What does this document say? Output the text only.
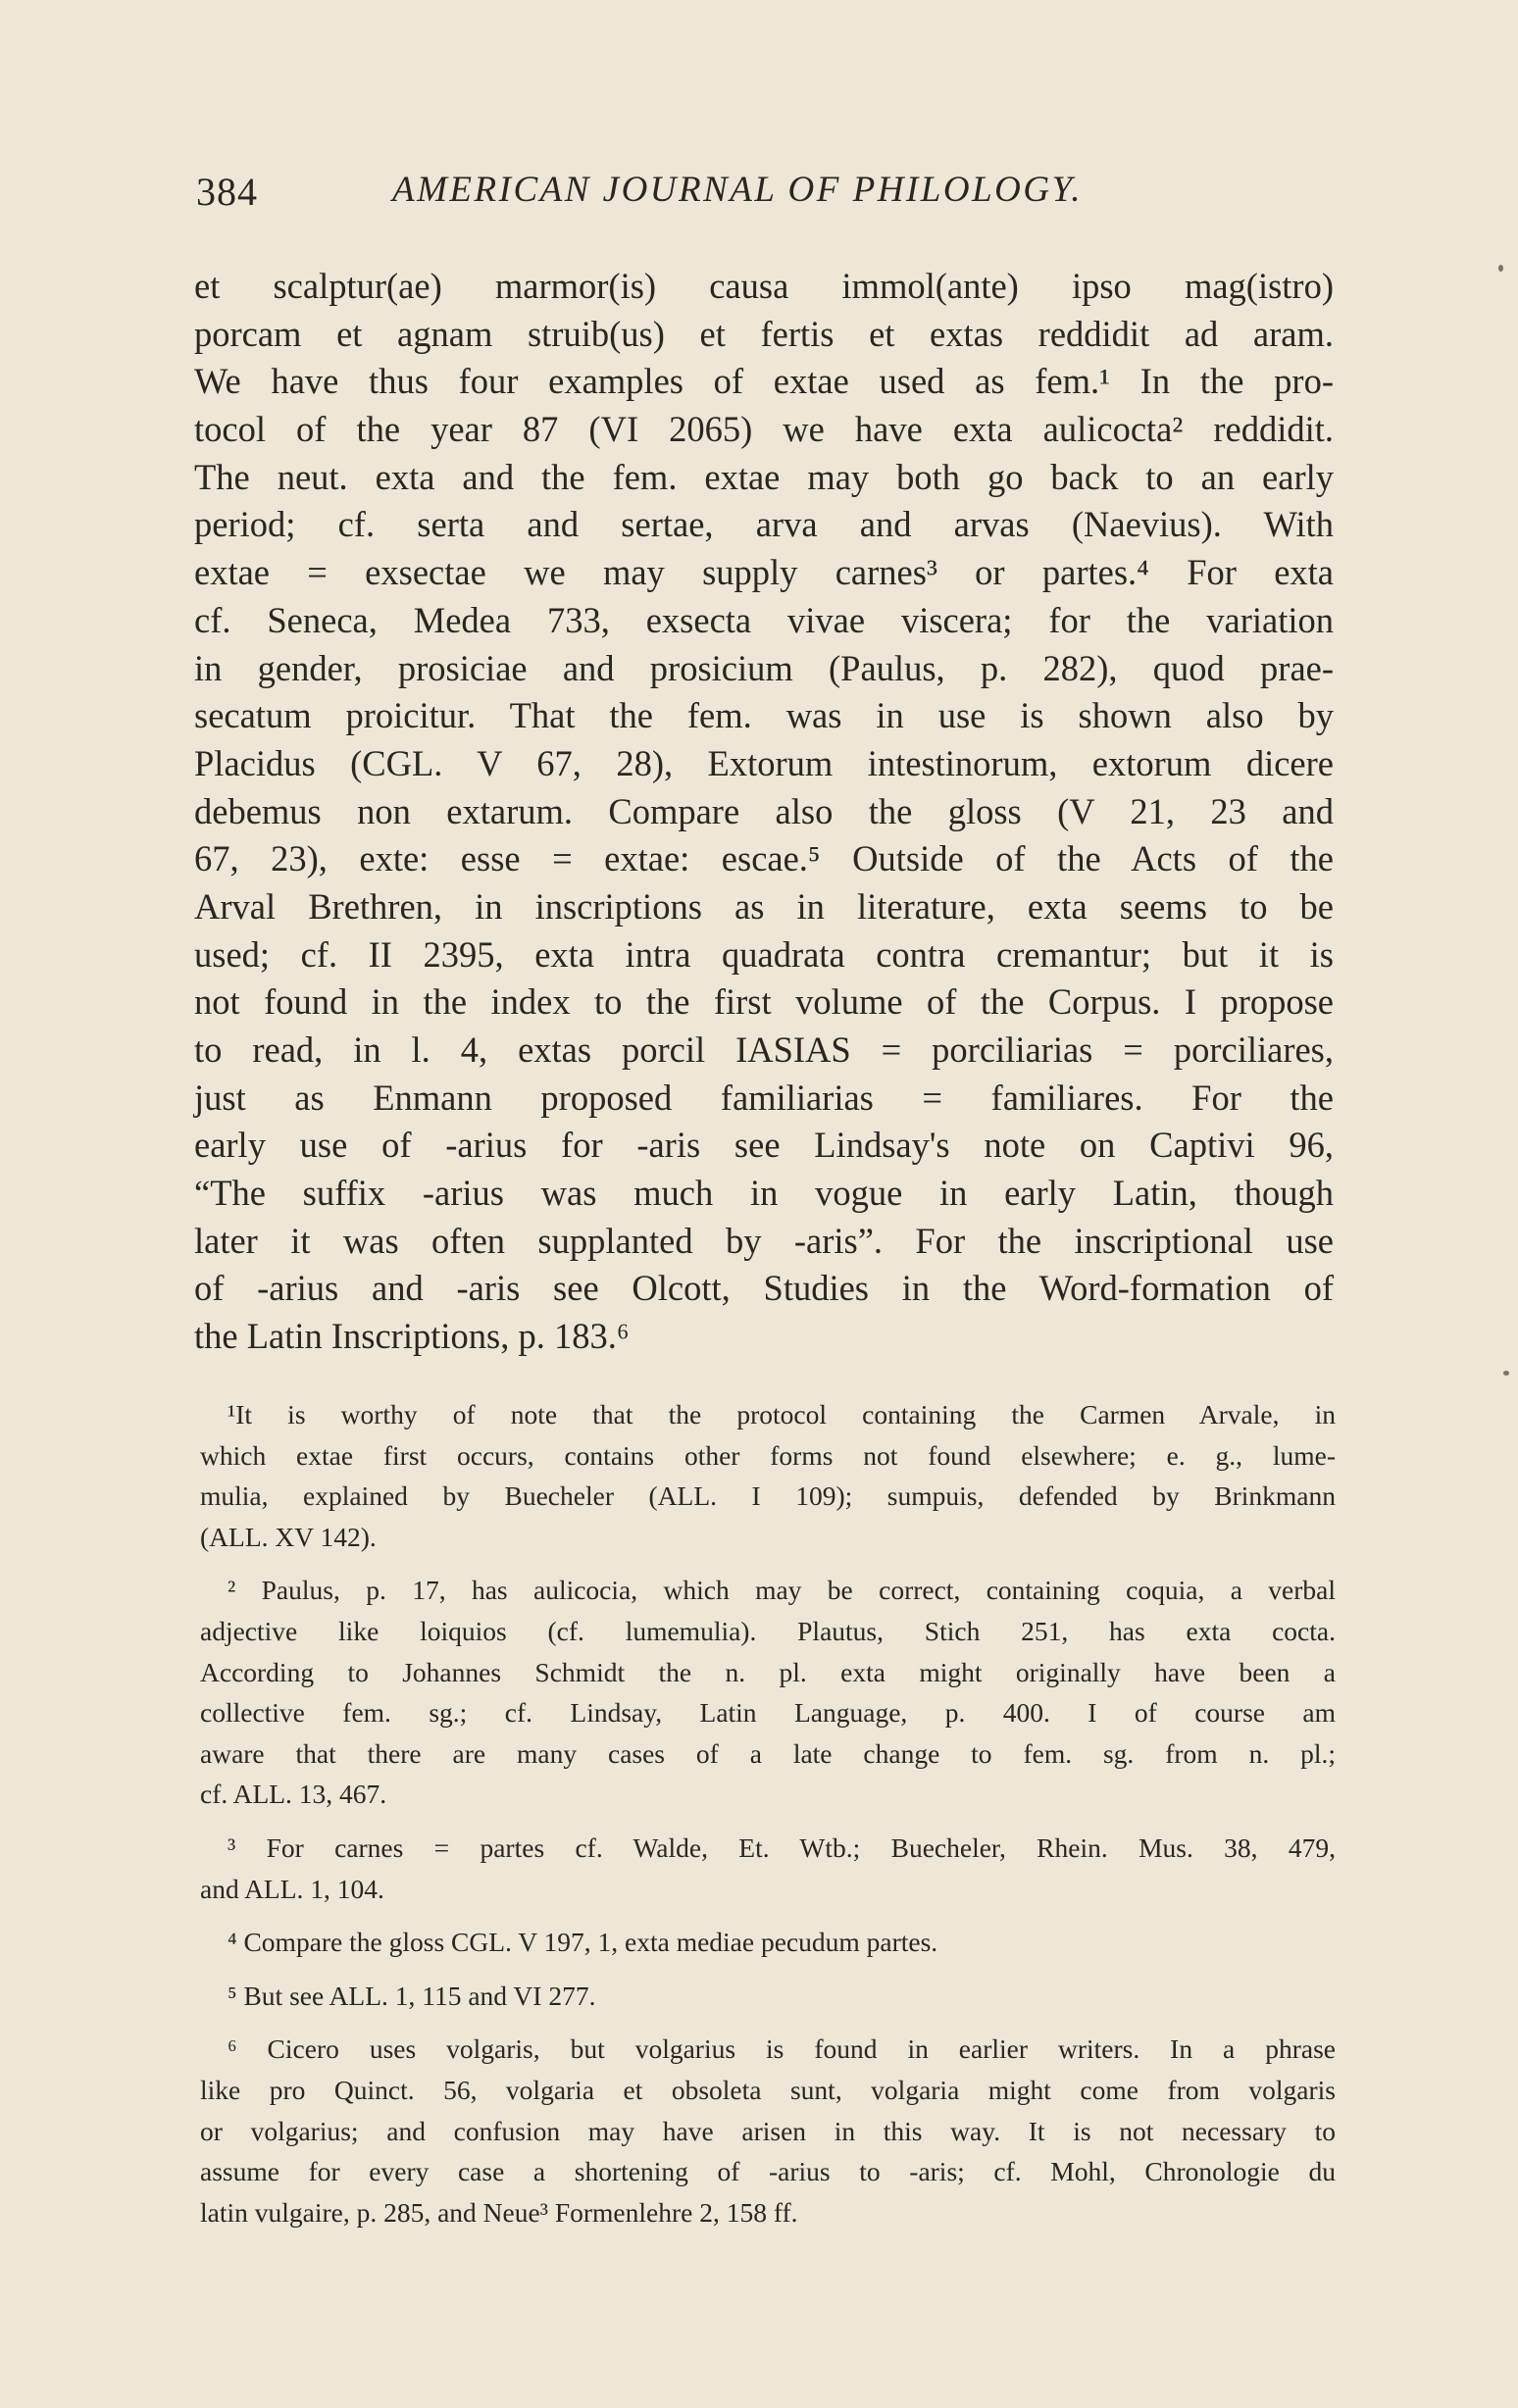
384	AMERICAN JOURNAL OF PHILOLOGY.
et scalptur(ae) marmor(is) causa immol(ante) ipso mag(istro)
porcam et agnam struib(us) et fertis et extas reddidit ad aram.
We have thus four examples of extae used as fem.¹ In the pro-
tocol of the year 87 (VI 2065) we have exta aulicocta² reddidit.
The neut. exta and the fem. extae may both go back to an early
period; cf. serta and sertae, arva and arvas (Naevius). With
extae = exsectae we may supply carnes³ or partes.⁴ For exta
cf. Seneca, Medea 733, exsecta vivae viscera; for the variation
in gender, prosiciae and prosicium (Paulus, p. 282), quod prae-
secatum proicitur. That the fem. was in use is shown also by
Placidus (CGL. V 67, 28), Extorum intestinorum, extorum dicere
debemus non extarum. Compare also the gloss (V 21, 23 and
67, 23), exte: esse = extae: escae.⁵ Outside of the Acts of the
Arval Brethren, in inscriptions as in literature, exta seems to be
used; cf. II 2395, exta intra quadrata contra cremantur; but it is
not found in the index to the first volume of the Corpus. I propose
to read, in l. 4, extas porcil IASIAS = porciliarias = porciliares,
just as Enmann proposed familiarias = familiares. For the
early use of -arius for -aris see Lindsay's note on Captivi 96,
“The suffix -arius was much in vogue in early Latin, though
later it was often supplanted by -aris”. For the inscriptional use
of -arius and -aris see Olcott, Studies in the Word-formation of
the Latin Inscriptions, p. 183.⁶
¹It is worthy of note that the protocol containing the Carmen Arvale, in
which extae first occurs, contains other forms not found elsewhere; e. g., lume-
mulia, explained by Buecheler (ALL. I 109); sumpuis, defended by Brinkmann
(ALL. XV 142).
² Paulus, p. 17, has aulicocia, which may be correct, containing coquia, a verbal
adjective like loiquios (cf. lumemulia). Plautus, Stich 251, has exta cocta.
According to Johannes Schmidt the n. pl. exta might originally have been a
collective fem. sg.; cf. Lindsay, Latin Language, p. 400. I of course am
aware that there are many cases of a late change to fem. sg. from n. pl.;
cf. ALL. 13, 467.
³ For carnes = partes cf. Walde, Et. Wtb.; Buecheler, Rhein. Mus. 38, 479,
and ALL. 1, 104.
⁴ Compare the gloss CGL. V 197, 1, exta mediae pecudum partes.
⁵ But see ALL. 1, 115 and VI 277.
⁶ Cicero uses volgaris, but volgarius is found in earlier writers. In a phrase
like pro Quinct. 56, volgaria et obsoleta sunt, volgaria might come from volgaris
or volgarius; and confusion may have arisen in this way. It is not necessary to
assume for every case a shortening of -arius to -aris; cf. Mohl, Chronologie du
latin vulgaire, p. 285, and Neue³ Formenlehre 2, 158 ff.
